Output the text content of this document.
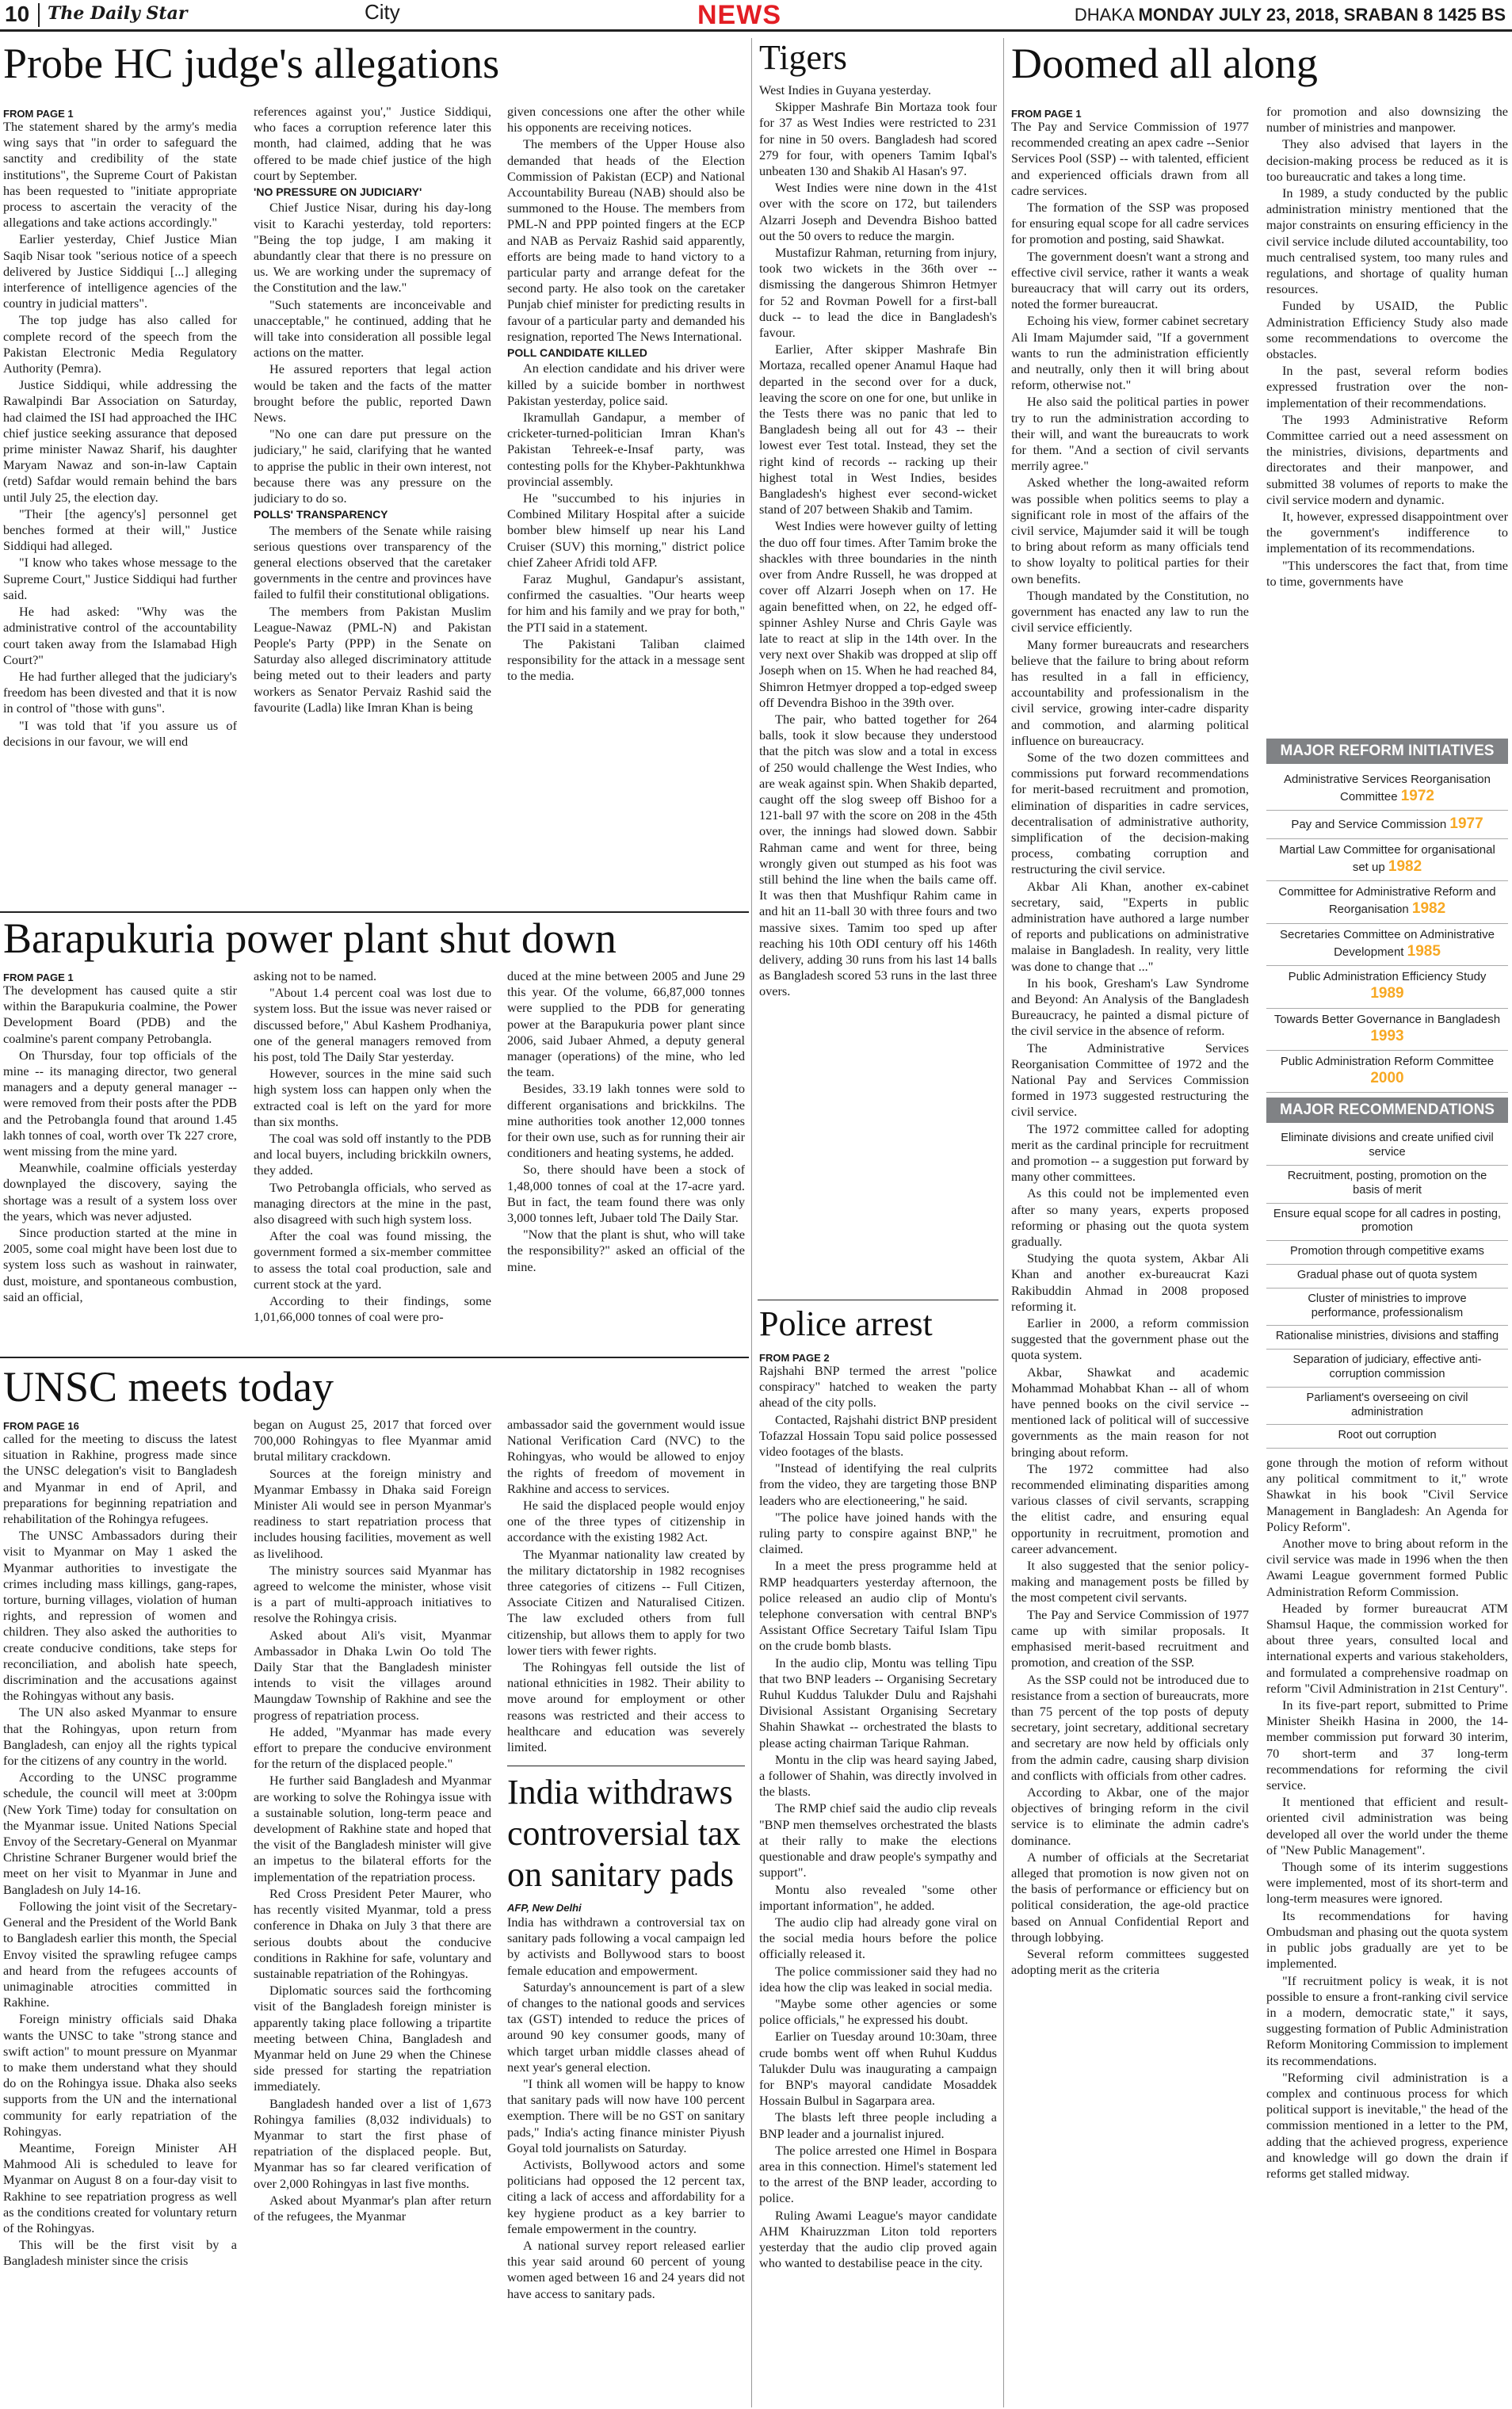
10 The Daily Star	City	NEWS	DHAKA MONDAY JULY 23, 2018, SRABAN 8 1425 BS
Probe HC judge's allegations
FROM PAGE 1

The statement shared by the army's media wing says that "in order to safeguard the sanctity and credibility of the state institutions", the Supreme Court of Pakistan has been requested to "initiate appropriate process to ascertain the veracity of the allegations and take actions accordingly."

Earlier yesterday, Chief Justice Mian Saqib Nisar took "serious notice of a speech delivered by Justice Siddiqui [...] alleging interference of intelligence agencies of the country in judicial matters".

The top judge has also called for complete record of the speech from the Pakistan Electronic Media Regulatory Authority (Pemra).

Justice Siddiqui, while addressing the Rawalpindi Bar Association on Saturday, had claimed the ISI had approached the IHC chief justice seeking assurance that deposed prime minister Nawaz Sharif, his daughter Maryam Nawaz and son-in-law Captain (retd) Safdar would remain behind the bars until July 25, the election day.

"Their [the agency's] personnel get benches formed at their will," Justice Siddiqui had alleged.

"I know who takes whose message to the Supreme Court," Justice Siddiqui had further said.

He had asked: "Why was the administrative control of the accountability court taken away from the Islamabad High Court?"

He had further alleged that the judiciary's freedom has been divested and that it is now in control of "those with guns".

"I was told that 'if you assure us of decisions in our favour, we will end

references against you'," Justice Siddiqui, who faces a corruption reference later this month, had claimed, adding that he was offered to be made chief justice of the high court by September.

'NO PRESSURE ON JUDICIARY'

Chief Justice Nisar, during his day-long visit to Karachi yesterday, told reporters: "Being the top judge, I am making it abundantly clear that there is no pressure on us. We are working under the supremacy of the Constitution and the law."

"Such statements are inconceivable and unacceptable," he continued, adding that he will take into consideration all possible legal actions on the matter.

He assured reporters that legal action would be taken and the facts of the matter brought before the public, reported Dawn News.

"No one can dare put pressure on the judiciary," he said, clarifying that he wanted to apprise the public in their own interest, not because there was any pressure on the judiciary to do so.

POLLS' TRANSPARENCY

The members of the Senate while raising serious questions over transparency of the general elections observed that the caretaker governments in the centre and provinces have failed to fulfil their constitutional obligations.

The members from Pakistan Muslim League-Nawaz (PML-N) and Pakistan People's Party (PPP) in the Senate on Saturday also alleged discriminatory attitude being meted out to their leaders and party workers as Senator Pervaiz Rashid said the favourite (Ladla) like Imran Khan is being

given concessions one after the other while his opponents are receiving notices.

The members of the Upper House also demanded that heads of the Election Commission of Pakistan (ECP) and National Accountability Bureau (NAB) should also be summoned to the House. The members from PML-N and PPP pointed fingers at the ECP and NAB as Pervaiz Rashid said apparently, efforts are being made to hand victory to a particular party and arrange defeat for the second party. He also took on the caretaker Punjab chief minister for predicting results in favour of a particular party and demanded his resignation, reported The News International.

POLL CANDIDATE KILLED

An election candidate and his driver were killed by a suicide bomber in northwest Pakistan yesterday, police said.

Ikramullah Gandapur, a member of cricketer-turned-politician Imran Khan's Pakistan Tehreek-e-Insaf party, was contesting polls for the Khyber-Pakhtunkhwa provincial assembly.

He "succumbed to his injuries in Combined Military Hospital after a suicide bomber blew himself up near his Land Cruiser (SUV) this morning," district police chief Zaheer Afridi told AFP.

Faraz Mughul, Gandapur's assistant, confirmed the casualties. "Our hearts weep for him and his family and we pray for both," the PTI said in a statement.

The Pakistani Taliban claimed responsibility for the attack in a message sent to the media.

Barapukuria power plant shut down
FROM PAGE 1

The development has caused quite a stir within the Barapukuria coalmine, the Power Development Board (PDB) and the coalmine's parent company Petrobangla.

On Thursday, four top officials of the mine -- its managing director, two general managers and a deputy general manager -- were removed from their posts after the PDB and the Petrobangla found that around 1.45 lakh tonnes of coal, worth over Tk 227 crore, went missing from the mine yard.

Meanwhile, coalmine officials yesterday downplayed the discovery, saying the shortage was a result of a system loss over the years, which was never adjusted.

Since production started at the mine in 2005, some coal might have been lost due to system loss such as washout in rainwater, dust, moisture, and spontaneous combustion, said an official,

asking not to be named.

"About 1.4 percent coal was lost due to system loss. But the issue was never raised or discussed before," Abul Kashem Prodhaniya, one of the general managers removed from his post, told The Daily Star yesterday.

However, sources in the mine said such high system loss can happen only when the extracted coal is left on the yard for more than six months.

The coal was sold off instantly to the PDB and local buyers, including brickkiln owners, they added.

Two Petrobangla officials, who served as managing directors at the mine in the past, also disagreed with such high system loss.

After the coal was found missing, the government formed a six-member committee to assess the total coal production, sale and current stock at the yard.

According to their findings, some 1,01,66,000 tonnes of coal were pro-

duced at the mine between 2005 and June 29 this year. Of the volume, 66,87,000 tonnes were supplied to the PDB for generating power at the Barapukuria power plant since 2006, said Jubaer Ahmed, a deputy general manager (operations) of the mine, who led the team.

Besides, 33.19 lakh tonnes were sold to different organisations and brickkilns. The mine authorities took another 12,000 tonnes for their own use, such as for running their air conditioners and heating systems, he added.

So, there should have been a stock of 1,48,000 tonnes of coal at the 17-acre yard. But in fact, the team found there was only 3,000 tonnes left, Jubaer told The Daily Star.

"Now that the plant is shut, who will take the responsibility?" asked an official of the mine.

UNSC meets today
FROM PAGE 16

called for the meeting to discuss the latest situation in Rakhine, progress made since the UNSC delegation's visit to Bangladesh and Myanmar in end of April, and preparations for beginning repatriation and rehabilitation of the Rohingya refugees.

The UNSC Ambassadors during their visit to Myanmar on May 1 asked the Myanmar authorities to investigate the crimes including mass killings, gang-rapes, torture, burning villages, violation of human rights, and repression of women and children. They also asked the authorities to create conducive conditions, take steps for reconciliation, and abolish hate speech, discrimination and the accusations against the Rohingyas without any basis.

The UN also asked Myanmar to ensure that the Rohingyas, upon return from Bangladesh, can enjoy all the rights typical for the citizens of any country in the world.

According to the UNSC programme schedule, the council will meet at 3:00pm (New York Time) today for consultation on the Myanmar issue. United Nations Special Envoy of the Secretary-General on Myanmar Christine Schraner Burgener would brief the meet on her visit to Myanmar in June and Bangladesh on July 14-16.

Following the joint visit of the Secretary-General and the President of the World Bank to Bangladesh earlier this month, the Special Envoy visited the sprawling refugee camps and heard from the refugees accounts of unimaginable atrocities committed in Rakhine.

Foreign ministry officials said Dhaka wants the UNSC to take "strong stance and swift action" to mount pressure on Myanmar to make them understand what they should do on the Rohingya issue. Dhaka also seeks supports from the UN and the international community for early repatriation of the Rohingyas.

Meantime, Foreign Minister AH Mahmood Ali is scheduled to leave for Myanmar on August 8 on a four-day visit to Rakhine to see repatriation progress as well as the conditions created for voluntary return of the Rohingyas.

This will be the first visit by a Bangladesh minister since the crisis

began on August 25, 2017 that forced over 700,000 Rohingyas to flee Myanmar amid brutal military crackdown.

Sources at the foreign ministry and Myanmar Embassy in Dhaka said Foreign Minister Ali would see in person Myanmar's readiness to start repatriation process that includes housing facilities, movement as well as livelihood.

The ministry sources said Myanmar has agreed to welcome the minister, whose visit is a part of multi-approach initiatives to resolve the Rohingya crisis.

Asked about Ali's visit, Myanmar Ambassador in Dhaka Lwin Oo told The Daily Star that the Bangladesh minister intends to visit the villages around Maungdaw Township of Rakhine and see the progress of repatriation process.

He added, "Myanmar has made every effort to prepare the conducive environment for the return of the displaced people."

He further said Bangladesh and Myanmar are working to solve the Rohingya issue with a sustainable solution, long-term peace and development of Rakhine state and hoped that the visit of the Bangladesh minister will give an impetus to the bilateral efforts for the implementation of the repatriation process.

Red Cross President Peter Maurer, who has recently visited Myanmar, told a press conference in Dhaka on July 3 that there are serious doubts about the conducive conditions in Rakhine for safe, voluntary and sustainable repatriation of the Rohingyas.

Diplomatic sources said the forthcoming visit of the Bangladesh foreign minister is apparently taking place following a tripartite meeting between China, Bangladesh and Myanmar held on June 29 when the Chinese side pressed for starting the repatriation immediately.

Bangladesh handed over a list of 1,673 Rohingya families (8,032 individuals) to Myanmar to start the first phase of repatriation of the displaced people. But, Myanmar has so far cleared verification of over 2,000 Rohingyas in last five months.

Asked about Myanmar's plan after return of the refugees, the Myanmar

ambassador said the government would issue National Verification Card (NVC) to the Rohingyas, who would be allowed to enjoy the rights of freedom of movement in Rakhine and access to services.

He said the displaced people would enjoy one of the three types of citizenship in accordance with the existing 1982 Act.

The Myanmar nationality law created by the military dictatorship in 1982 recognises three categories of citizens -- Full Citizen, Associate Citizen and Naturalised Citizen. The law excluded others from full citizenship, but allows them to apply for two lower tiers with fewer rights.

The Rohingyas fell outside the list of national ethnicities in 1982. Their ability to move around for employment or other reasons was restricted and their access to healthcare and education was severely limited.

India withdraws controversial tax on sanitary pads
AFP, New Delhi

India has withdrawn a controversial tax on sanitary pads following a vocal campaign led by activists and Bollywood stars to boost female education and empowerment.

Saturday's announcement is part of a slew of changes to the national goods and services tax (GST) intended to reduce the prices of around 90 key consumer goods, many of which target urban middle classes ahead of next year's general election.

"I think all women will be happy to know that sanitary pads will now have 100 percent exemption. There will be no GST on sanitary pads," India's acting finance minister Piyush Goyal told journalists on Saturday.

Activists, Bollywood actors and some politicians had opposed the 12 percent tax, citing a lack of access and affordability for a key hygiene product as a key barrier to female empowerment in the country.

A national survey report released earlier this year said around 60 percent of young women aged between 16 and 24 years did not have access to sanitary pads.

Tigers

West Indies in Guyana yesterday.

Skipper Mashrafe Bin Mortaza took four for 37 as West Indies were restricted to 231 for nine in 50 overs. Bangladesh had scored 279 for four, with openers Tamim Iqbal's unbeaten 130 and Shakib Al Hasan's 97.

West Indies were nine down in the 41st over with the score on 172, but tailenders Alzarri Joseph and Devendra Bishoo batted out the 50 overs to reduce the margin.

Mustafizur Rahman, returning from injury, took two wickets in the 36th over -- dismissing the dangerous Shimron Hetmyer for 52 and Rovman Powell for a first-ball duck -- to lead the dice in Bangladesh's favour.

Earlier, After skipper Mashrafe Bin Mortaza, recalled opener Anamul Haque had departed in the second over for a duck, leaving the score on one for one, but unlike in the Tests there was no panic that led to Bangladesh being all out for 43 -- their lowest ever Test total. Instead, they set the right kind of records -- racking up their highest total in West Indies, besides Bangladesh's highest ever second-wicket stand of 207 between Shakib and Tamim.

West Indies were however guilty of letting the duo off four times. After Tamim broke the shackles with three boundaries in the ninth over from Andre Russell, he was dropped at cover off Alzarri Joseph when on 17. He again benefitted when, on 22, he edged off-spinner Ashley Nurse and Chris Gayle was late to react at slip in the 14th over. In the very next over Shakib was dropped at slip off Joseph when on 15. When he had reached 84, Shimron Hetmyer dropped a top-edged sweep off Devendra Bishoo in the 39th over.

The pair, who batted together for 264 balls, took it slow because they understood that the pitch was slow and a total in excess of 250 would challenge the West Indies, who are weak against spin. When Shakib departed, caught off the slog sweep off Bishoo for a 121-ball 97 with the score on 208 in the 45th over, the innings had slowed down. Sabbir Rahman came and went for three, being wrongly given out stumped as his foot was still behind the line when the bails came off. It was then that Mushfiqur Rahim came in and hit an 11-ball 30 with three fours and two massive sixes. Tamim too sped up after reaching his 10th ODI century off his 146th delivery, adding 30 runs from his last 14 balls as Bangladesh scored 53 runs in the last three overs.

Police arrest
FROM PAGE 2

Rajshahi BNP termed the arrest "police conspiracy" hatched to weaken the party ahead of the city polls.

Contacted, Rajshahi district BNP president Tofazzal Hossain Topu said police possessed video footages of the blasts.

"Instead of identifying the real culprits from the video, they are targeting those BNP leaders who are electioneering," he said.

"The police have joined hands with the ruling party to conspire against BNP," he claimed.

In a meet the press programme held at RMP headquarters yesterday afternoon, the police released an audio clip of Montu's telephone conversation with central BNP's Assistant Office Secretary Taiful Islam Tipu on the crude bomb blasts.

In the audio clip, Montu was telling Tipu that two BNP leaders -- Organising Secretary Ruhul Kuddus Talukder Dulu and Rajshahi Divisional Assistant Organising Secretary Shahin Shawkat -- orchestrated the blasts to please acting chairman Tarique Rahman.

Montu in the clip was heard saying Jabed, a follower of Shahin, was directly involved in the blasts.

The RMP chief said the audio clip reveals "BNP men themselves orchestrated the blasts at their rally to make the elections questionable and draw people's sympathy and support".

Montu also revealed "some other important information", he added.

The audio clip had already gone viral on the social media hours before the police officially released it.

The police commissioner said they had no idea how the clip was leaked in social media.

"Maybe some other agencies or some police officials," he expressed his doubt.

Earlier on Tuesday around 10:30am, three crude bombs went off when Ruhul Kuddus Talukder Dulu was inaugurating a campaign for BNP's mayoral candidate Mosaddek Hossain Bulbul in Sagarpara area.

The blasts left three people including a BNP leader and a journalist injured.

The police arrested one Himel in Bospara area in this connection. Himel's statement led to the arrest of the BNP leader, according to police.

Ruling Awami League's mayor candidate AHM Khairuzzman Liton told reporters yesterday that the audio clip proved again who wanted to destabilise peace in the city.

Doomed all along
FROM PAGE 1

The Pay and Service Commission of 1977 recommended creating an apex cadre --Senior Services Pool (SSP) -- with talented, efficient and experienced officials drawn from all cadre services.

The formation of the SSP was proposed for ensuring equal scope for all cadre services for promotion and posting, said Shawkat.

The government doesn't want a strong and effective civil service, rather it wants a weak bureaucracy that will carry out its orders, noted the former bureaucrat.

Echoing his view, former cabinet secretary Ali Imam Majumder said, "If a government wants to run the administration efficiently and neutrally, only then it will bring about reform, otherwise not."

He also said the political parties in power try to run the administration according to their will, and want the bureaucrats to work for them. "And a section of civil servants merrily agree."

Asked whether the long-awaited reform was possible when politics seems to play a significant role in most of the affairs of the civil service, Majumder said it will be tough to bring about reform as many officials tend to show loyalty to political parties for their own benefits.

Though mandated by the Constitution, no government has enacted any law to run the civil service efficiently.

Many former bureaucrats and researchers believe that the failure to bring about reform has resulted in a fall in efficiency, accountability and professionalism in the civil service, growing inter-cadre disparity and commotion, and alarming political influence on bureaucracy.

Some of the two dozen committees and commissions put forward recommendations for merit-based recruitment and promotion, elimination of disparities in cadre services, decentralisation of administrative authority, simplification of the decision-making process, combating corruption and restructuring the civil service.

Akbar Ali Khan, another ex-cabinet secretary, said, "Experts in public administration have authored a large number of reports and publications on administrative malaise in Bangladesh. In reality, very little was done to change that ..."

In his book, Gresham's Law Syndrome and Beyond: An Analysis of the Bangladesh Bureaucracy, he painted a dismal picture of the civil service in the absence of reform.

The Administrative Services Reorganisation Committee of 1972 and the National Pay and Services Commission formed in 1973 suggested restructuring the civil service.

The 1972 committee called for adopting merit as the cardinal principle for recruitment and promotion -- a suggestion put forward by many other committees.

As this could not be implemented even after so many years, experts proposed reforming or phasing out the quota system gradually.

Studying the quota system, Akbar Ali Khan and another ex-bureaucrat Kazi Rakibuddin Ahmad in 2008 proposed reforming it.

Earlier in 2000, a reform commission suggested that the government phase out the quota system.

Akbar, Shawkat and academic Mohammad Mohabbat Khan -- all of whom have penned books on the civil service -- mentioned lack of political will of successive governments as the main reason for not bringing about reform.

The 1972 committee had also recommended eliminating disparities among various classes of civil servants, scrapping the elitist cadre, and ensuring equal opportunity in recruitment, promotion and career advancement.

It also suggested that the senior policy-making and management posts be filled by the most competent civil servants.

The Pay and Service Commission of 1977 came up with similar proposals. It emphasised merit-based recruitment and promotion, and creation of the SSP.

As the SSP could not be introduced due to resistance from a section of bureaucrats, more than 75 percent of the top posts of deputy secretary, joint secretary, additional secretary and secretary are now held by officials only from the admin cadre, causing sharp division and conflicts with officials from other cadres.

According to Akbar, one of the major objectives of bringing reform in the civil service is to eliminate the admin cadre's dominance.

A number of officials at the Secretariat alleged that promotion is now given not on the basis of performance or efficiency but on political consideration, the age-old practice based on Annual Confidential Report and through lobbying.

Several reform committees suggested adopting merit as the criteria

for promotion and also downsizing the number of ministries and manpower.

They also advised that layers in the decision-making process be reduced as it is too bureaucratic and takes a long time.

In 1989, a study conducted by the public administration ministry mentioned that the major constraints on ensuring efficiency in the civil service include diluted accountability, too much centralised system, too many rules and regulations, and shortage of quality human resources.

Funded by USAID, the Public Administration Efficiency Study also made some recommendations to overcome the obstacles.

In the past, several reform bodies expressed frustration over the non-implementation of their recommendations.

The 1993 Administrative Reform Committee carried out a need assessment on the ministries, divisions, departments and directorates and their manpower, and submitted 38 volumes of reports to make the civil service modern and dynamic.

It, however, expressed disappointment over the government's indifference to implementation of its recommendations.

"This underscores the fact that, from time to time, governments have

MAJOR REFORM INITIATIVES
Administrative Services Reorganisation Committee 1972
Pay and Service Commission 1977
Martial Law Committee for organisational set up 1982
Committee for Administrative Reform and Reorganisation 1982
Secretaries Committee on Administrative Development 1985
Public Administration Efficiency Study 1989
Towards Better Governance in Bangladesh 1993
Public Administration Reform Committee 2000
MAJOR RECOMMENDATIONS
Eliminate divisions and create unified civil service
Recruitment, posting, promotion on the basis of merit
Ensure equal scope for all cadres in posting, promotion
Promotion through competitive exams
Gradual phase out of quota system
Cluster of ministries to improve performance, professionalism
Rationalise ministries, divisions and staffing
Separation of judiciary, effective anti-corruption commission
Parliament's overseeing on civil administration
Root out corruption

gone through the motion of reform without any political commitment to it," wrote Shawkat in his book "Civil Service Management in Bangladesh: An Agenda for Policy Reform".

Another move to bring about reform in the civil service was made in 1996 when the then Awami League government formed Public Administration Reform Commission.

Headed by former bureaucrat ATM Shamsul Haque, the commission worked for about three years, consulted local and international experts and various stakeholders, and formulated a comprehensive roadmap on reform "Civil Administration in 21st Century".

In its five-part report, submitted to Prime Minister Sheikh Hasina in 2000, the 14-member commission put forward 30 interim, 70 short-term and 37 long-term recommendations for reforming the civil service.

It mentioned that efficient and result-oriented civil administration was being developed all over the world under the theme of "New Public Management".

Though some of its interim suggestions were implemented, most of its short-term and long-term measures were ignored.

Its recommendations for having Ombudsman and phasing out the quota system in public jobs gradually are yet to be implemented.

"If recruitment policy is weak, it is not possible to ensure a front-ranking civil service in a modern, democratic state," it says, suggesting formation of Public Administration Reform Monitoring Commission to implement its recommendations.

"Reforming civil administration is a complex and continuous process for which political support is inevitable," the head of the commission mentioned in a letter to the PM, adding that the achieved progress, experience and knowledge will go down the drain if reforms get stalled midway.
